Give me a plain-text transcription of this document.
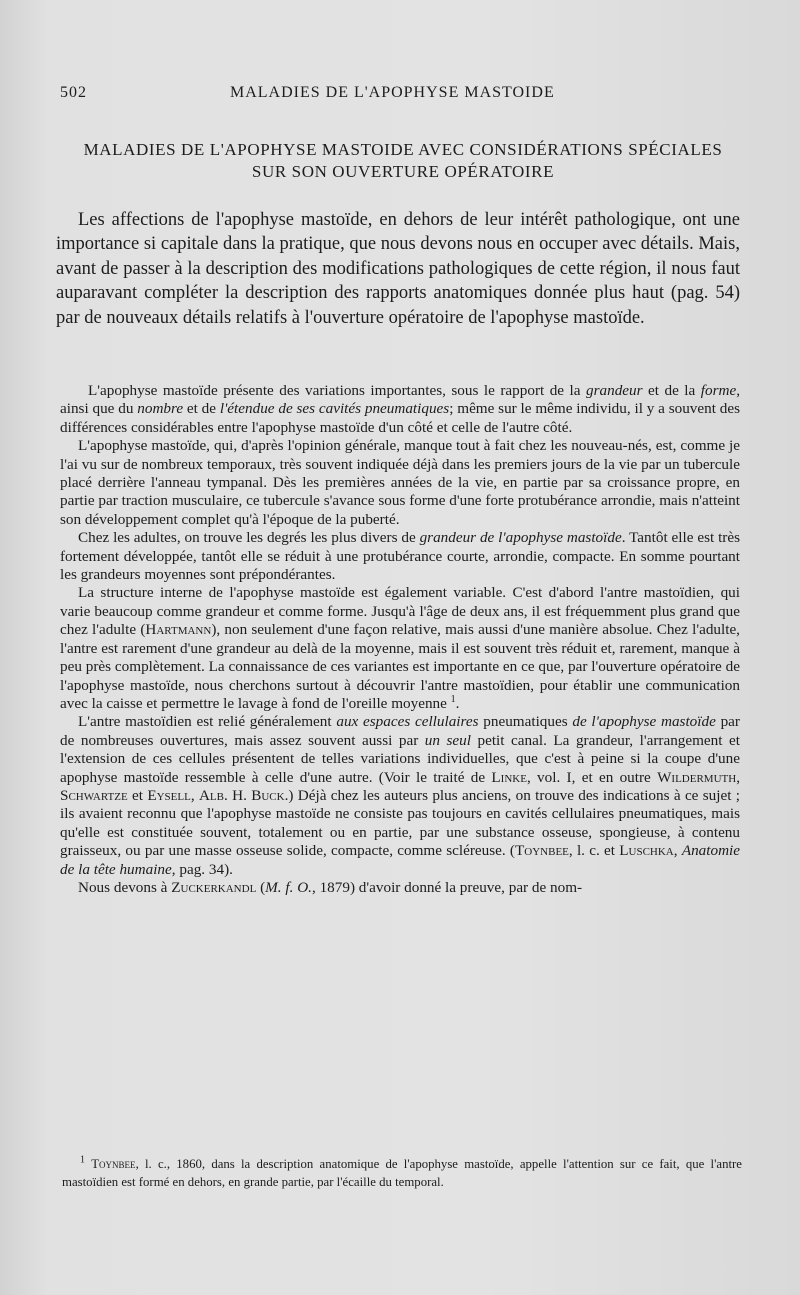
502	MALADIES DE L'APOPHYSE MASTOIDE
MALADIES DE L'APOPHYSE MASTOIDE AVEC CONSIDÉRATIONS SPÉCIALES
SUR SON OUVERTURE OPÉRATOIRE

Les affections de l'apophyse mastoïde, en dehors de leur intérêt pathologique, ont une importance si capitale dans la pratique, que nous devons nous en occuper avec détails. Mais, avant de passer à la description des modifications pathologiques de cette région, il nous faut auparavant compléter la description des rapports anatomiques donnée plus haut (pag. 54) par de nouveaux détails relatifs à l'ouverture opératoire de l'apophyse mastoïde.

L'apophyse mastoïde présente des variations importantes, sous le rapport de la grandeur et de la forme, ainsi que du nombre et de l'étendue de ses cavités pneumatiques; même sur le même individu, il y a souvent des différences considérables entre l'apophyse mastoïde d'un côté et celle de l'autre côté.

L'apophyse mastoïde, qui, d'après l'opinion générale, manque tout à fait chez les nouveau-nés, est, comme je l'ai vu sur de nombreux temporaux, très souvent indiquée déjà dans les premiers jours de la vie par un tubercule placé derrière l'anneau tympanal. Dès les premières années de la vie, en partie par sa croissance propre, en partie par traction musculaire, ce tubercule s'avance sous forme d'une forte protubérance arrondie, mais n'atteint son développement complet qu'à l'époque de la puberté.

Chez les adultes, on trouve les degrés les plus divers de grandeur de l'apophyse mastoïde. Tantôt elle est très fortement développée, tantôt elle se réduit à une protubérance courte, arrondie, compacte. En somme pourtant les grandeurs moyennes sont prépondérantes.

La structure interne de l'apophyse mastoïde est également variable. C'est d'abord l'antre mastoïdien, qui varie beaucoup comme grandeur et comme forme. Jusqu'à l'âge de deux ans, il est fréquemment plus grand que chez l'adulte (Hartmann), non seulement d'une façon relative, mais aussi d'une manière absolue. Chez l'adulte, l'antre est rarement d'une grandeur au delà de la moyenne, mais il est souvent très réduit et, rarement, manque à peu près complètement. La connaissance de ces variantes est importante en ce que, par l'ouverture opératoire de l'apophyse mastoïde, nous cherchons surtout à découvrir l'antre mastoïdien, pour établir une communication avec la caisse et permettre le lavage à fond de l'oreille moyenne $^1$.

L'antre mastoïdien est relié généralement aux espaces cellulaires pneumatiques de l'apophyse mastoïde par de nombreuses ouvertures, mais assez souvent aussi par un seul petit canal. La grandeur, l'arrangement et l'extension de ces cellules présentent de telles variations individuelles, que c'est à peine si la coupe d'une apophyse mastoïde ressemble à celle d'une autre. (Voir le traité de Linke, vol. I, et en outre Wildermuth, Schwartze et Eysell, Alb. H. Buck.) Déjà chez les auteurs plus anciens, on trouve des indications à ce sujet ; ils avaient reconnu que l'apophyse mastoïde ne consiste pas toujours en cavités cellulaires pneumatiques, mais qu'elle est constituée souvent, totalement ou en partie, par une substance osseuse, spongieuse, à contenu graisseux, ou par une masse osseuse solide, compacte, comme scléreuse. (Toynbee, l. c. et Luschka, Anatomie de la tête humaine, pag. 34).

Nous devons à Zuckerkandl (M. f. O., 1879) d'avoir donné la preuve, par de nom-

$^1$ Toynbee, l. c., 1860, dans la description anatomique de l'apophyse mastoïde, appelle l'attention sur ce fait, que l'antre mastoïdien est formé en dehors, en grande partie, par l'écaille du temporal.
